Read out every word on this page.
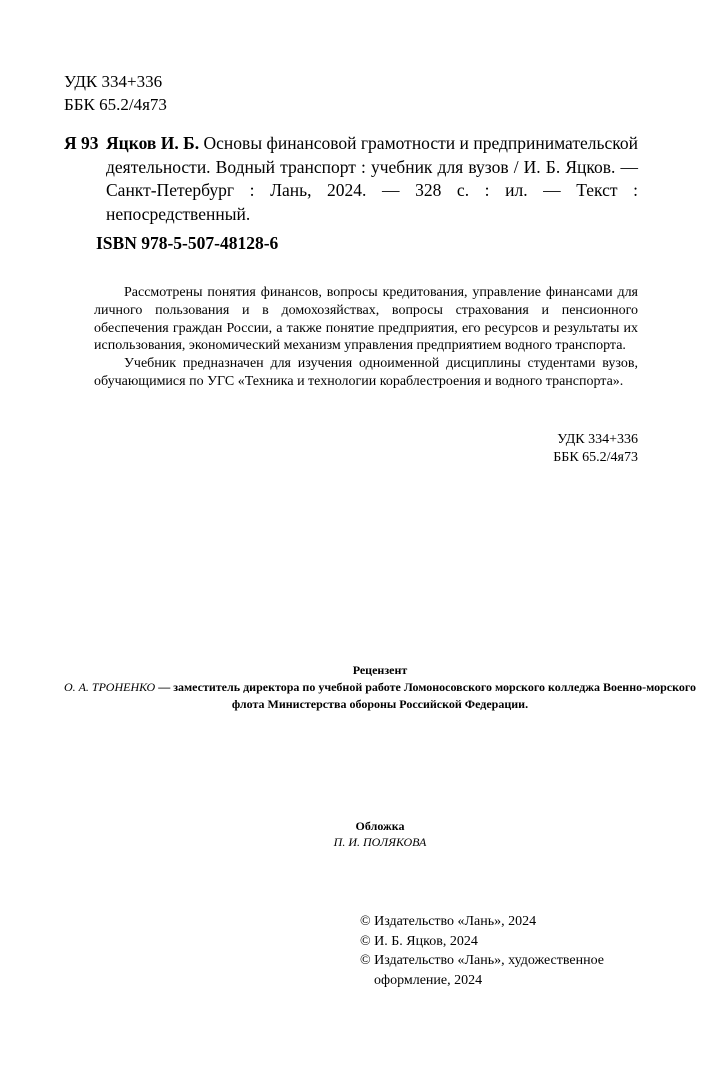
УДК 334+336
ББК 65.2/4я73
Я 93 Яцков И. Б. Основы финансовой грамотности и предпринимательской деятельности. Водный транспорт : учебник для вузов / И. Б. Яцков. — Санкт-Петербург : Лань, 2024. — 328 с. : ил. — Текст : непосредственный.
ISBN 978-5-507-48128-6

Рассмотрены понятия финансов, вопросы кредитования, управление финансами для личного пользования и в домохозяйствах, вопросы страхования и пенсионного обеспечения граждан России, а также понятие предприятия, его ресурсов и результаты их использования, экономический механизм управления предприятием водного транспорта.

Учебник предназначен для изучения одноименной дисциплины студентами вузов, обучающимися по УГС «Техника и технологии кораблестроения и водного транспорта».

УДК 334+336
ББК 65.2/4я73
Рецензент
О. А. ТРОНЕНКО — заместитель директора по учебной работе Ломоносовского морского колледжа Военно-морского флота Министерства обороны Российской Федерации.
Обложка
П. И. ПОЛЯКОВА
© Издательство «Лань», 2024
© И. Б. Яцков, 2024
© Издательство «Лань», художественное
оформление, 2024
